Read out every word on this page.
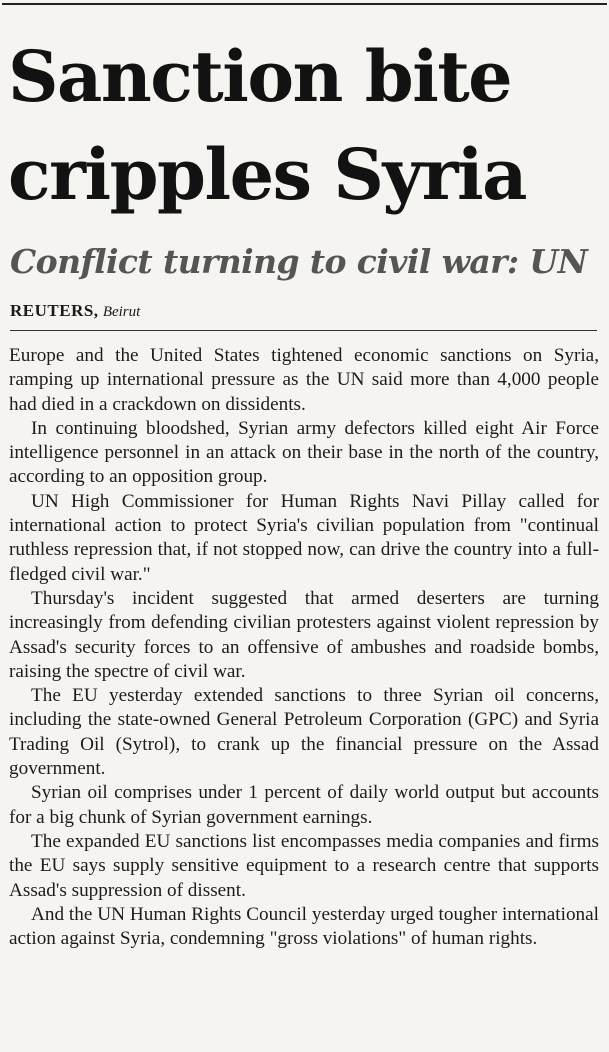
Sanction bite
cripples Syria
Conflict turning to civil war: UN
REUTERS, Beirut

Europe and the United States tightened economic sanctions on Syria, ramping up international pressure as the UN said more than 4,000 people had died in a crackdown on dissidents.

In continuing bloodshed, Syrian army defectors killed eight Air Force intelligence personnel in an attack on their base in the north of the country, according to an opposition group.

UN High Commissioner for Human Rights Navi Pillay called for international action to protect Syria's civilian population from "continual ruthless repression that, if not stopped now, can drive the country into a full-fledged civil war."

Thursday's incident suggested that armed deserters are turning increasingly from defending civilian protesters against violent repression by Assad's security forces to an offensive of ambushes and roadside bombs, raising the spectre of civil war.

The EU yesterday extended sanctions to three Syrian oil concerns, including the state-owned General Petroleum Corporation (GPC) and Syria Trading Oil (Sytrol), to crank up the financial pressure on the Assad government.

Syrian oil comprises under 1 percent of daily world output but accounts for a big chunk of Syrian government earnings.

The expanded EU sanctions list encompasses media companies and firms the EU says supply sensitive equipment to a research centre that supports Assad's suppression of dissent.

And the UN Human Rights Council yesterday urged tougher international action against Syria, condemning "gross violations" of human rights.
